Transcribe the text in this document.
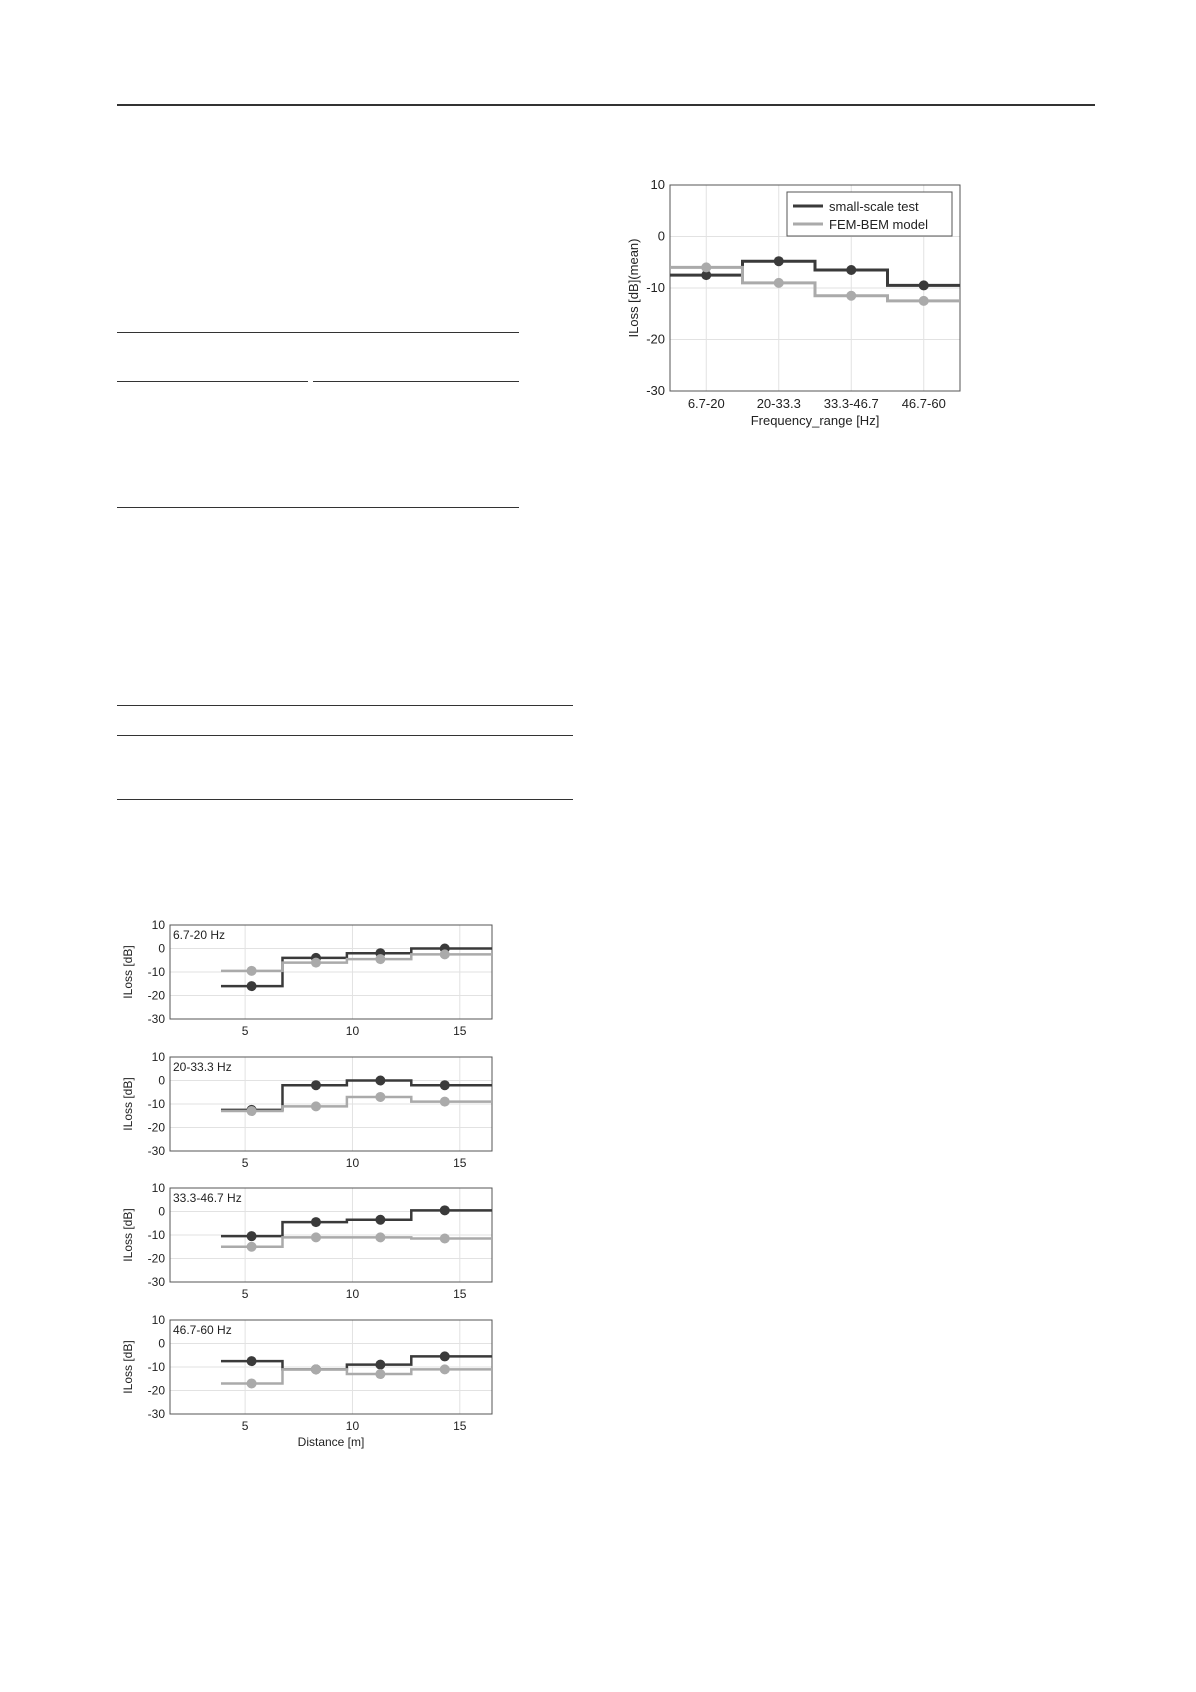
10
0
-10
-20
-30
6.7-20 20-33.3 33.3-46.7 46.7-60
ILoss [dB](mean)
Frequency_range [Hz]
small-scale test
FEM-BEM model
10
0
-10
-20
-30
5	10	15
ILoss [dB]
6.7-20 Hz
10
0
-10
-20
-30
5	10	15
ILoss [dB]
20-33.3 Hz
10
0
-10
-20
-30
5	10	15
ILoss [dB]
33.3-46.7 Hz
10
0
-10
-20
-30
5	10	15
ILoss [dB]
Distance [m]
46.7-60 Hz
